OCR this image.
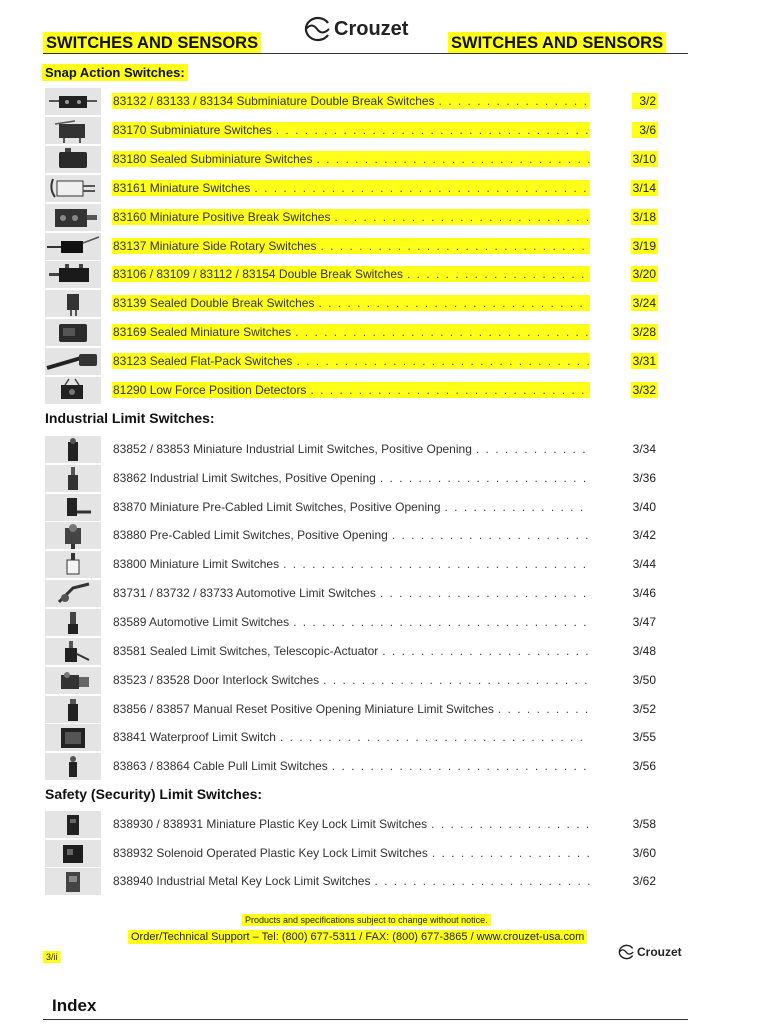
SWITCHES AND SENSORS
Crouzet
SWITCHES AND SENSORS
Snap Action Switches:
Industrial Limit Switches:
Safety (Security) Limit Switches:
83132 / 83133 / 83134 Subminiature Double Break Switches . . .	3/2
83170 Subminiature Switches . . .	3/6
83180 Sealed Subminiature Switches . . .	3/10
83161 Miniature Switches . . .	3/14
83160 Miniature Positive Break Switches . . .	3/18
83137 Miniature Side Rotary Switches . . .	3/19
83106 / 83109 / 83112 / 83154 Double Break Switches . . .	3/20
83139 Sealed Double Break Switches . . .	3/24
83169 Sealed Miniature Switches . . .	3/28
83123 Sealed Flat-Pack Switches . . .	3/31
81290 Low Force Position Detectors . . .	3/32
83852 / 83853 Miniature Industrial Limit Switches, Positive Opening . . .	3/34
83862 Industrial Limit Switches, Positive Opening . . .	3/36
83870 Miniature Pre-Cabled Limit Switches, Positive Opening . . .	3/40
83880 Pre-Cabled Limit Switches, Positive Opening . . .	3/42
83800 Miniature Limit Switches . . .	3/44
83731 / 83732 / 83733 Automotive Limit Switches . . .	3/46
83589 Automotive Limit Switches . . .	3/47
83581 Sealed Limit Switches, Telescopic-Actuator . . .	3/48
83523 / 83528 Door Interlock Switches . . .	3/50
83856 / 83857 Manual Reset Positive Opening Miniature Limit Switches . . .	3/52
83841 Waterproof Limit Switch . . .	3/55
83863 / 83864 Cable Pull Limit Switches . . .	3/56
838930 / 838931 Miniature Plastic Key Lock Limit Switches . . .	3/58
838932 Solenoid Operated Plastic Key Lock Limit Switches . . .	3/60
838940 Industrial Metal Key Lock Limit Switches . . .	3/62
Products and specifications subject to change without notice.
Order/Technical Support – Tel: (800) 677-5311 / FAX: (800) 677-3865 / www.crouzet-usa.com
3/ii	Crouzet
Index
